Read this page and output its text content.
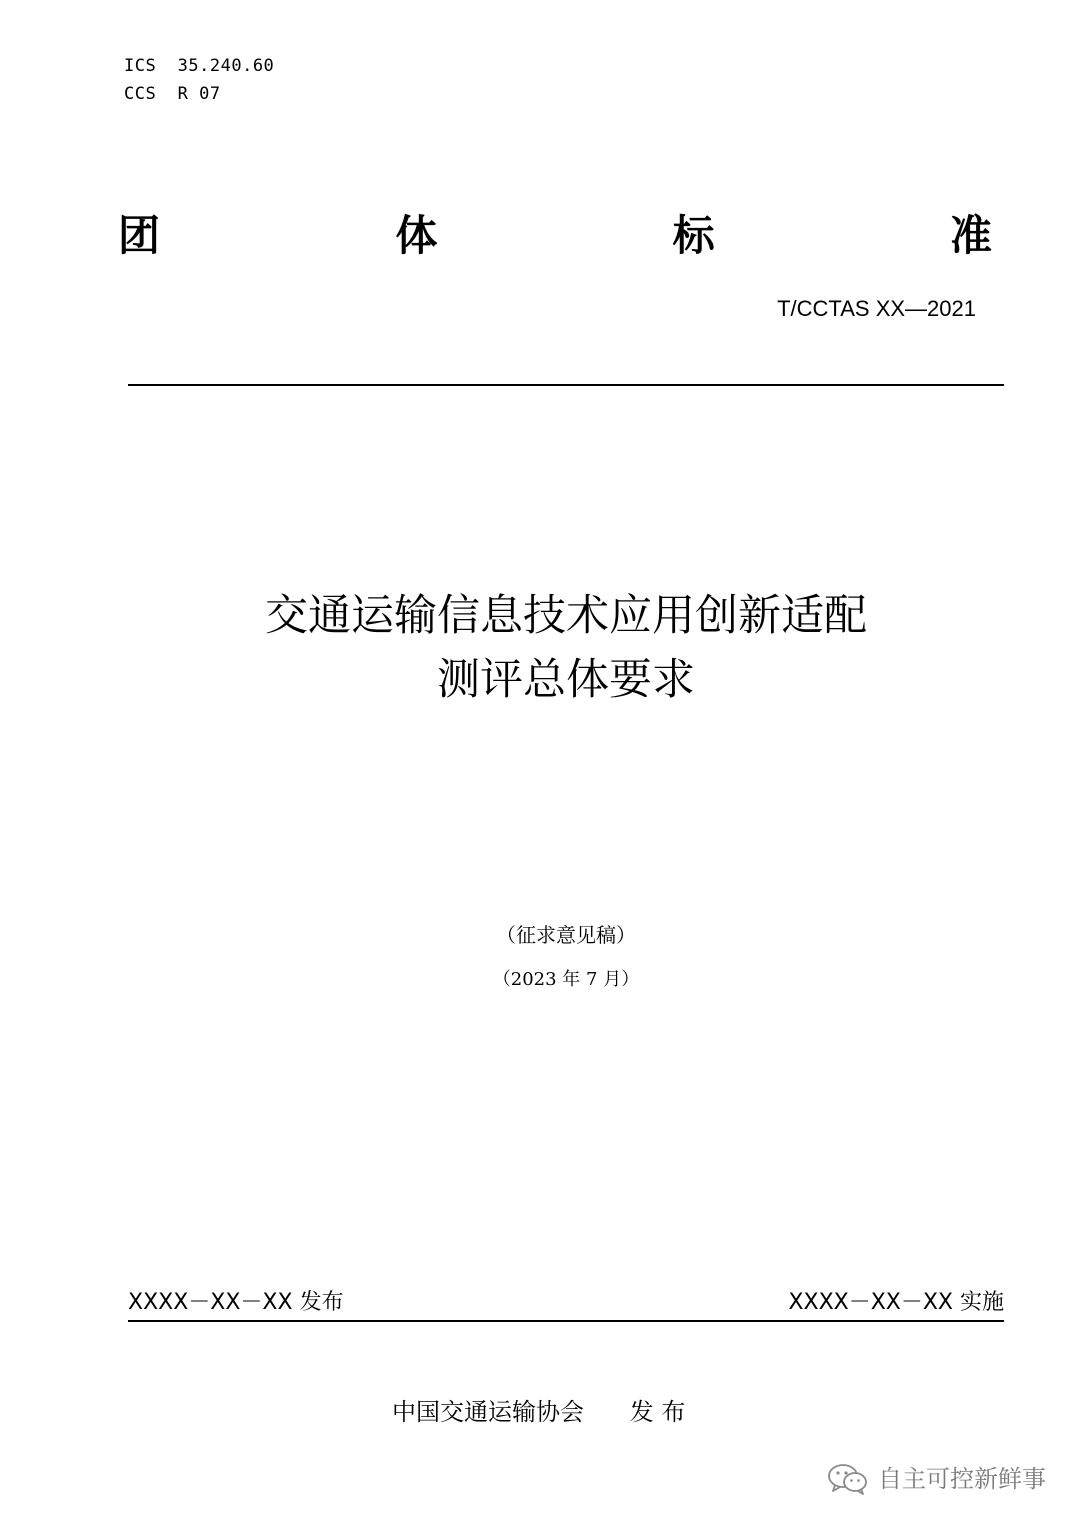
ICS  35.240.60
CCS  R 07
团	体	标	准
T/CCTAS XX—2021
交通运输信息技术应用创新适配
测评总体要求
（征求意见稿）
（2023 年 7 月）
XXXX－XX－XX 发布	XXXX－XX－XX 实施
中国交通运输协会      发 布
自主可控新鲜事
